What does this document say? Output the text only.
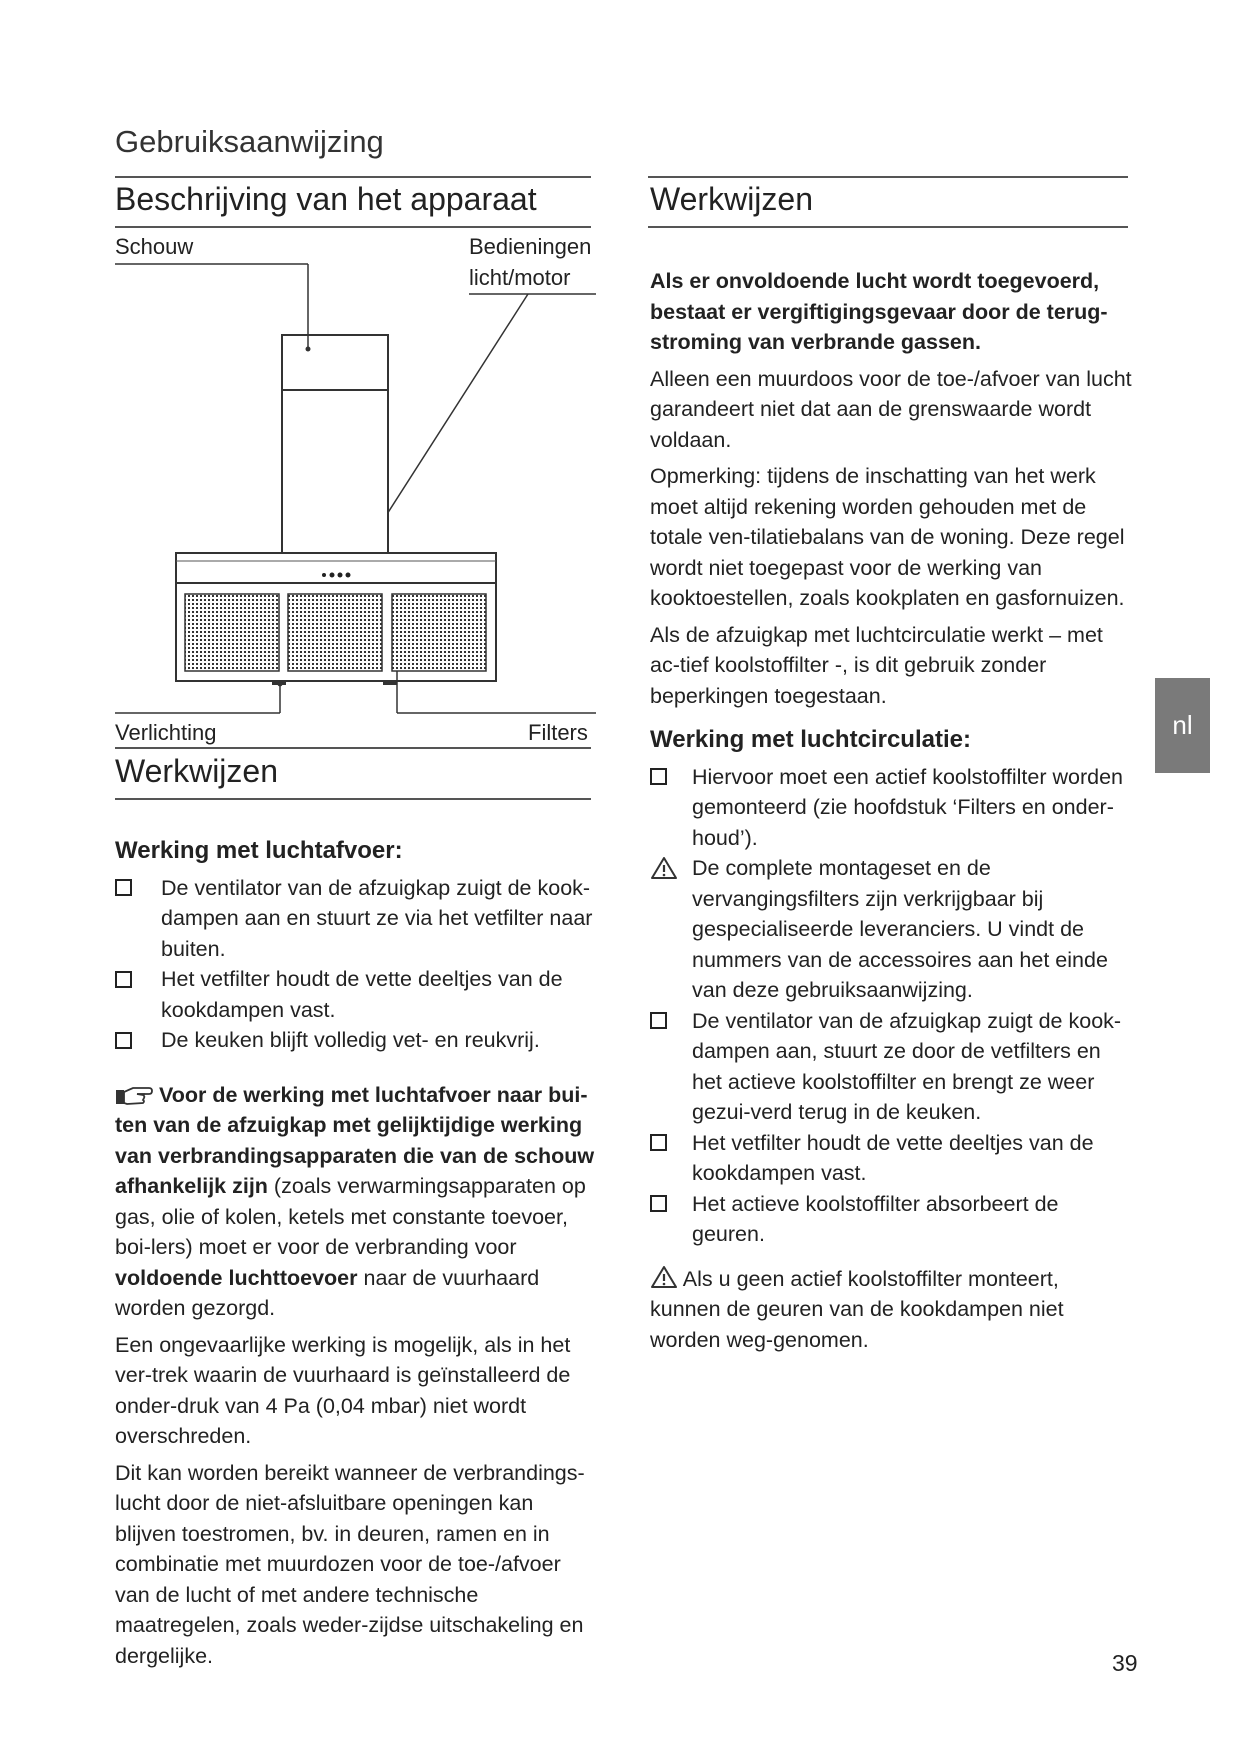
Gebruiksaanwijzing
Beschrijving van het apparaat
Schouw	Bedieningen
licht/motor
Verlichting	Filters
Werkwijzen

Werking met luchtafvoer:

De ventilator van de afzuigkap zuigt de kook-dampen aan en stuurt ze via het vetfilter naar buiten.
Het vetfilter houdt de vette deeltjes van de kookdampen vast.
De keuken blijft volledig vet- en reukvrij.

Voor de werking met luchtafvoer naar bui-ten van de afzuigkap met gelijktijdige werking van verbrandingsapparaten die van de schouw afhankelijk zijn (zoals verwarmingsapparaten op gas, olie of kolen, ketels met constante toevoer, boi-lers) moet er voor de verbranding voor voldoende luchttoevoer naar de vuurhaard worden gezorgd.

Een ongevaarlijke werking is mogelijk, als in het ver-trek waarin de vuurhaard is geïnstalleerd de onder-druk van 4 Pa (0,04 mbar) niet wordt overschreden.

Dit kan worden bereikt wanneer de verbrandings-lucht door de niet-afsluitbare openingen kan blijven toestromen, bv. in deuren, ramen en in combinatie met muurdozen voor de toe-/afvoer van de lucht of met andere technische maatregelen, zoals weder-zijdse uitschakeling en dergelijke.

Werkwijzen

Als er onvoldoende lucht wordt toegevoerd, bestaat er vergiftigingsgevaar door de terug-stroming van verbrande gassen.

Alleen een muurdoos voor de toe-/afvoer van lucht garandeert niet dat aan de grenswaarde wordt voldaan.

Opmerking: tijdens de inschatting van het werk moet altijd rekening worden gehouden met de totale ven-tilatiebalans van de woning. Deze regel wordt niet toegepast voor de werking van kooktoestellen, zoals kookplaten en gasfornuizen.

Als de afzuigkap met luchtcirculatie werkt – met ac-tief koolstoffilter -, is dit gebruik zonder beperkingen toegestaan.

Werking met luchtcirculatie:

Hiervoor moet een actief koolstoffilter worden gemonteerd (zie hoofdstuk ‘Filters en onder-houd’).
De complete montageset en de vervangingsfilters zijn verkrijgbaar bij gespecialiseerde leveranciers. U vindt de nummers van de accessoires aan het einde van deze gebruiksaanwijzing.
De ventilator van de afzuigkap zuigt de kook-dampen aan, stuurt ze door de vetfilters en het actieve koolstoffilter en brengt ze weer gezui-verd terug in de keuken.
Het vetfilter houdt de vette deeltjes van de kookdampen vast.
Het actieve koolstoffilter absorbeert de geuren.

Als u geen actief koolstoffilter monteert, kunnen de geuren van de kookdampen niet worden weg-genomen.

nl
39
